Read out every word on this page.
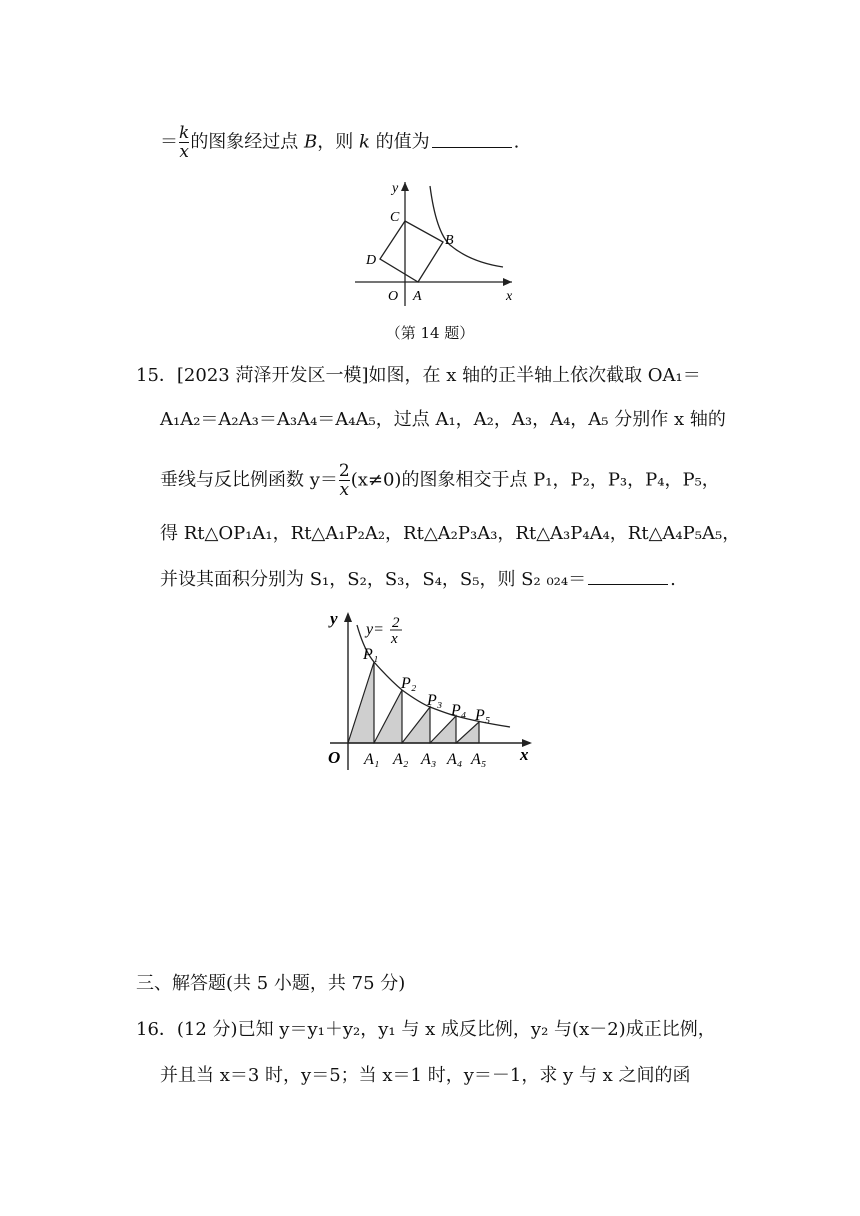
＝ $\frac{k}{x}$ 的图象经过点 B，则 k 的值为	.
y
x
O A
B
C
D
（第 14 题）
15．[2023 菏泽开发区一模]如图，在 x 轴的正半轴上依次截取 OA₁＝
A₁A₂＝A₂A₃＝A₃A₄＝A₄A₅，过点 A₁，A₂，A₃，A₄，A₅ 分别作 x 轴的
垂线与反比例函数 $y= \frac{2}{x} (x\ne 0)$的图象相交于点 P₁，P₂，P₃，P₄，P₅，
得 Rt△OP₁A₁，Rt△A₁P₂A₂，Rt△A₂P₃A₃，Rt△A₃P₄A₄，Rt△A₄P₅A₅，
并设其面积分别为 S₁，S₂，S₃，S₄，S₅，则 S₂ ₀₂₄＝	.
y
x
O
y= 2
x
P₁
P₂
P₃
P₄ P₅
A₁ A₂ A₃ A₄ A₅
三、解答题(共 5 小题，共 75 分)
16．(12 分)已知 y＝y₁＋y₂，y₁ 与 x 成反比例，y₂ 与(x－2)成正比例，
并且当 x＝3 时，y＝5；当 x＝1 时，y＝－1，求 y 与 x 之间的函
